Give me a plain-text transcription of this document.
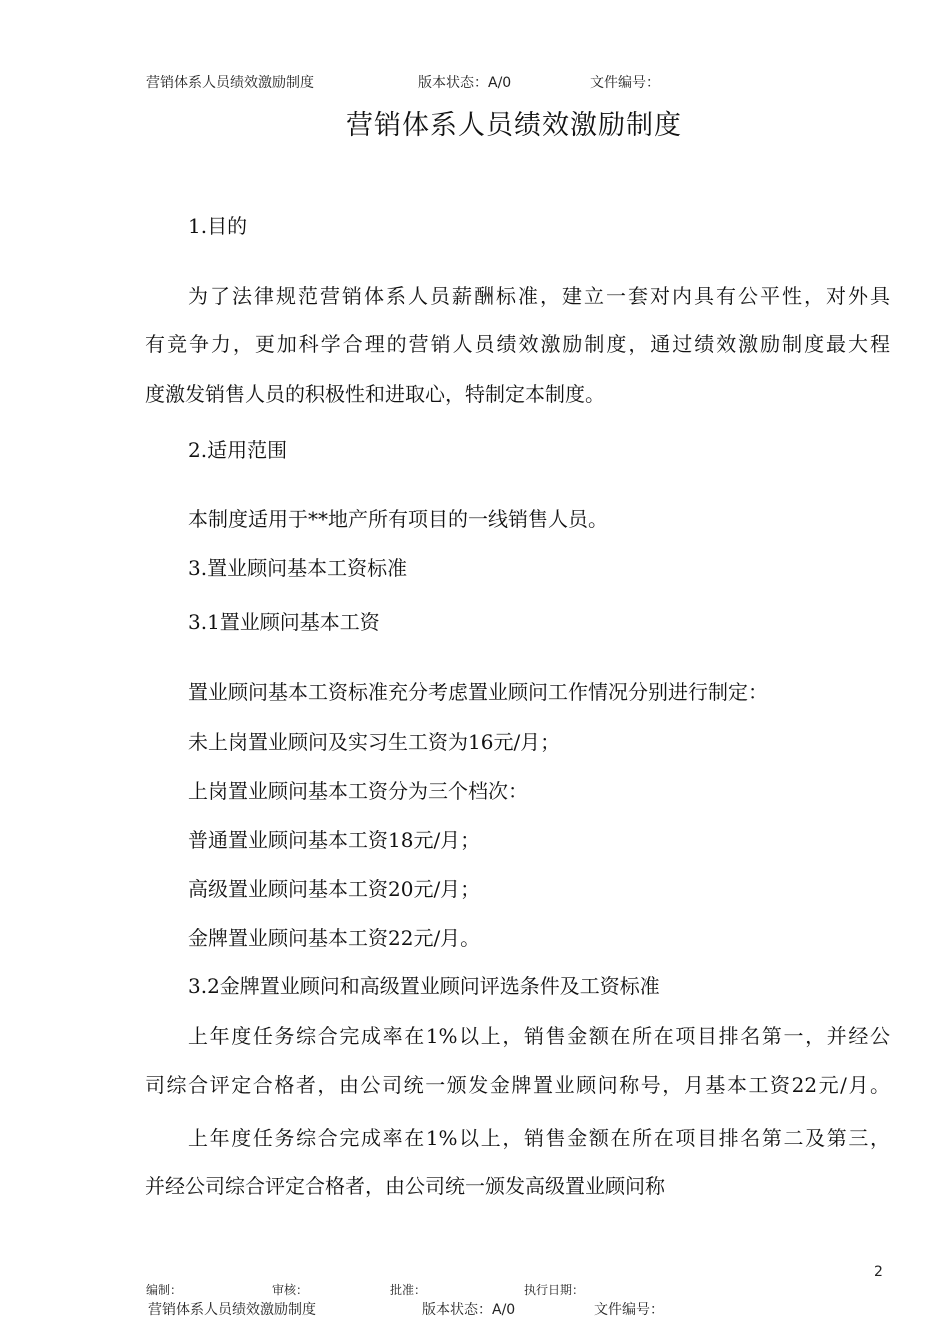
营销体系人员绩效激励制度	版本状态：A/0	文件编号：
营销体系人员绩效激励制度
1.目的
为了法律规范营销体系人员薪酬标准，建立一套对内具有公平性，对外具
有竞争力，更加科学合理的营销人员绩效激励制度，通过绩效激励制度最大程
度激发销售人员的积极性和进取心，特制定本制度。
2.适用范围
本制度适用于**地产所有项目的一线销售人员。
3.置业顾问基本工资标准
3.1置业顾问基本工资
置业顾问基本工资标准充分考虑置业顾问工作情况分别进行制定：
未上岗置业顾问及实习生工资为16元/月；
上岗置业顾问基本工资分为三个档次：
普通置业顾问基本工资18元/月；
高级置业顾问基本工资20元/月；
金牌置业顾问基本工资22元/月。
3.2金牌置业顾问和高级置业顾问评选条件及工资标准
上年度任务综合完成率在1%以上，销售金额在所在项目排名第一，并经公
司综合评定合格者，由公司统一颁发金牌置业顾问称号，月基本工资22元/月。
上年度任务综合完成率在1%以上，销售金额在所在项目排名第二及第三，
并经公司综合评定合格者，由公司统一颁发高级置业顾问称
2
编制：	审核：	批准：	执行日期：
营销体系人员绩效激励制度	版本状态：A/0	文件编号：
